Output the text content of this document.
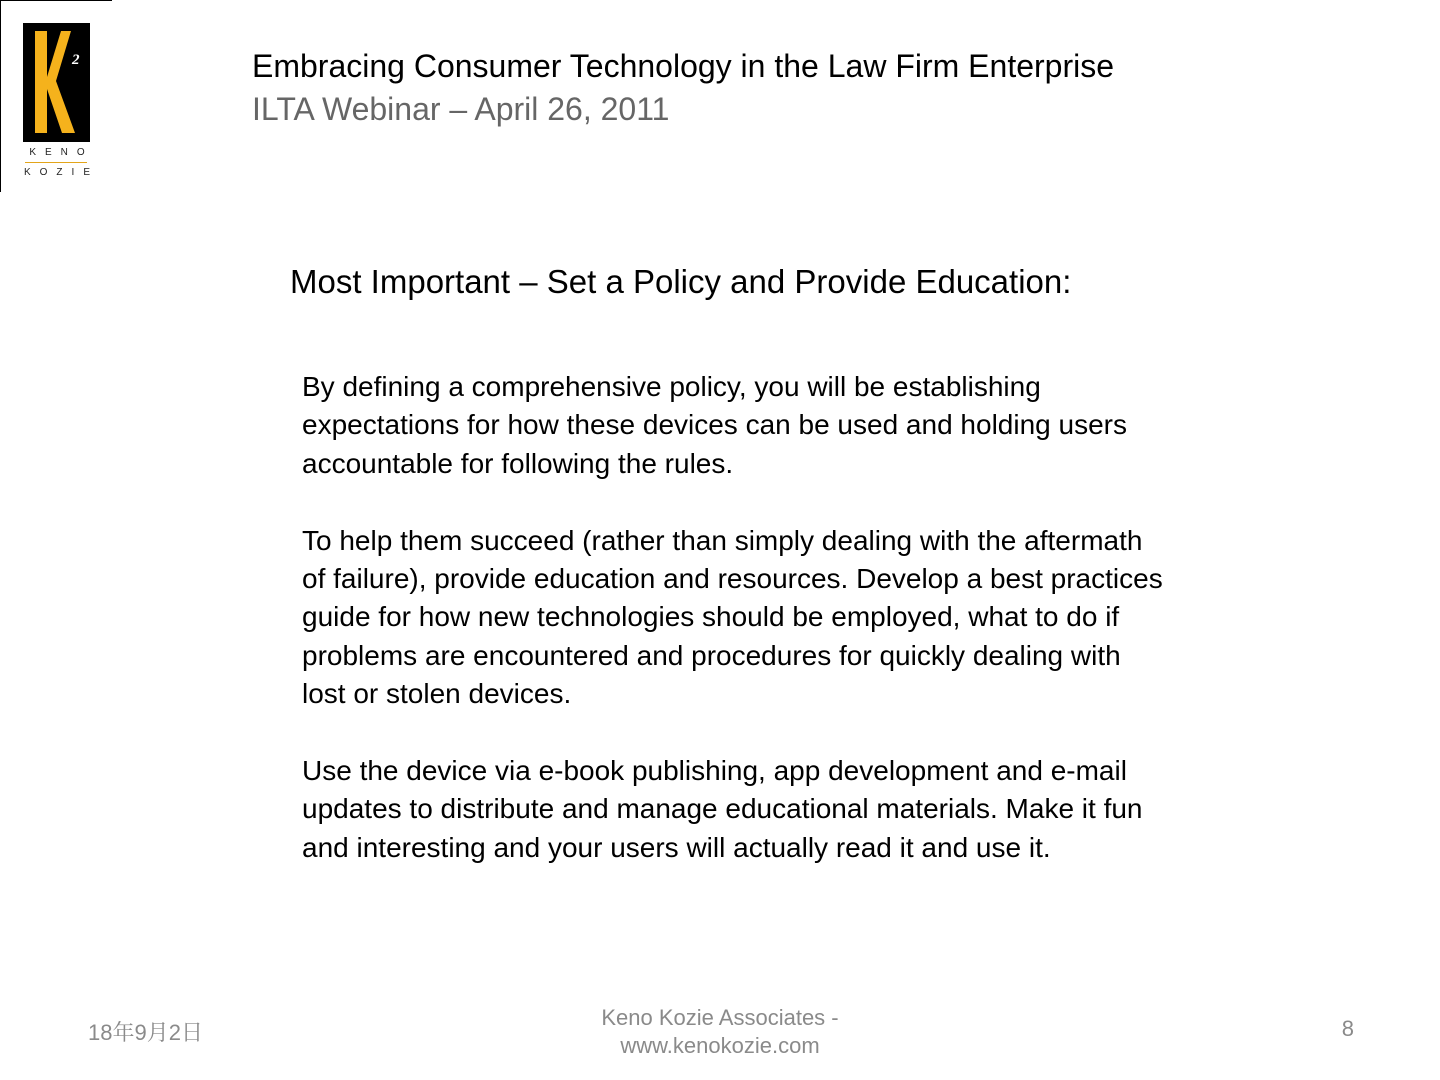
2
KENO
KOZIE
Embracing Consumer Technology in the Law Firm Enterprise
ILTA Webinar – April 26, 2011
Most Important – Set a Policy and Provide Education:

By defining a comprehensive policy, you will be establishing expectations for how these devices can be used and holding users accountable for following the rules.

To help them succeed (rather than simply dealing with the aftermath of failure), provide education and resources. Develop a best practices guide for how new technologies should be employed, what to do if problems are encountered and procedures for quickly dealing with lost or stolen devices.

Use the device via e-book publishing, app development and e-mail updates to distribute and manage educational materials. Make it fun and interesting and your users will actually read it and use it.

18年9月2日
Keno Kozie Associates -
www.kenokozie.com
8
